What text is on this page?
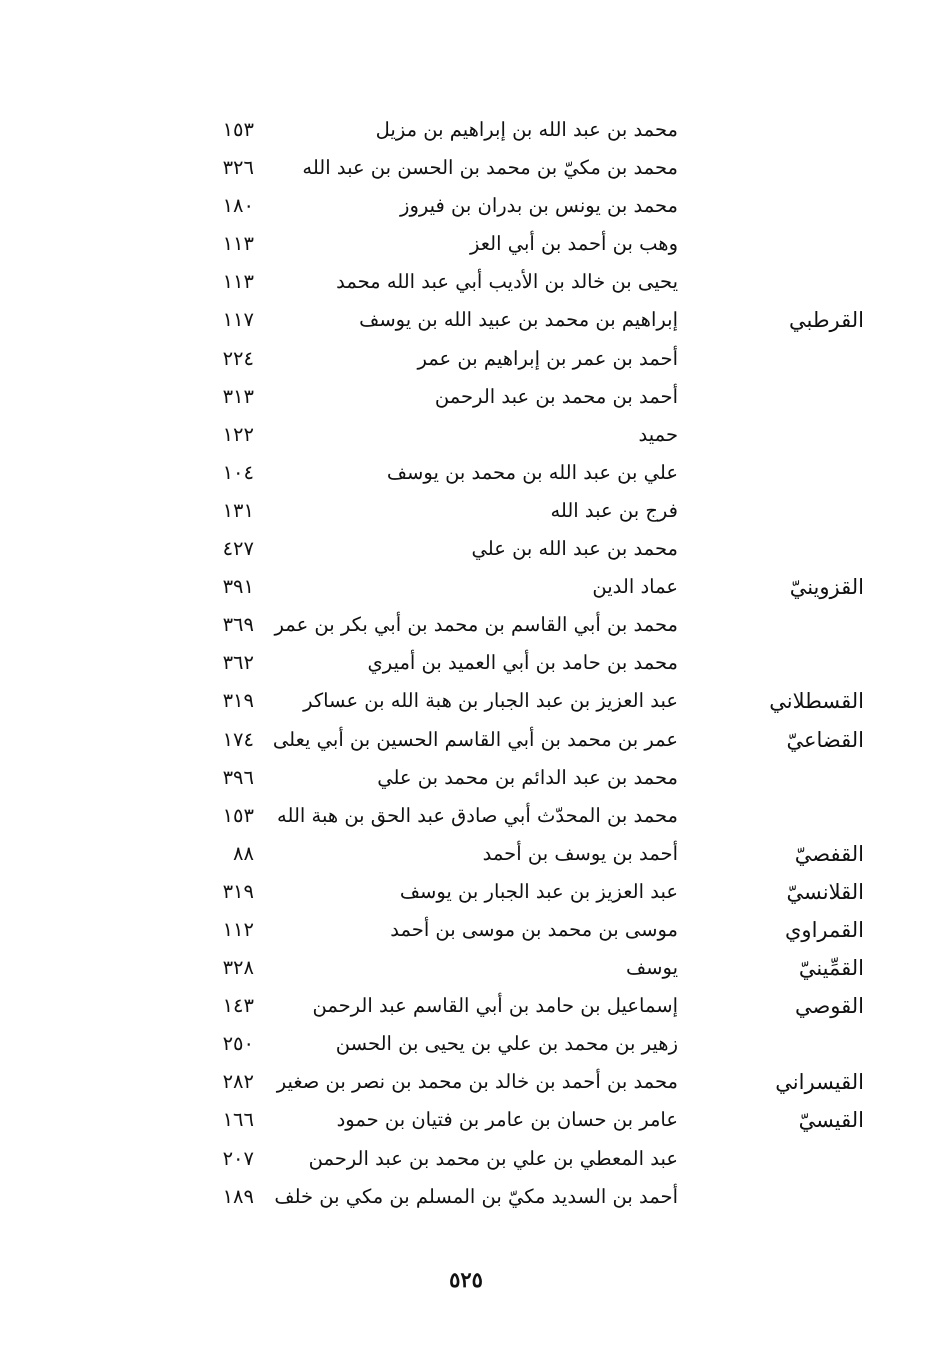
محمد بن عبد الله بن إبراهيم بن مزيل
١٥٣
محمد بن مكيّ بن محمد بن الحسن بن عبد الله
٣٢٦
محمد بن يونس بن بدران بن فيروز
١٨٠
وهب بن أحمد بن أبي العز
١١٣
يحيى بن خالد بن الأديب أبي عبد الله محمد
١١٣
القرطبي
إبراهيم بن محمد بن عبيد الله بن يوسف
١١٧
أحمد بن عمر بن إبراهيم بن عمر
٢٢٤
أحمد بن محمد بن عبد الرحمن
٣١٣
حميد
١٢٢
علي بن عبد الله بن محمد بن يوسف
١٠٤
فرج بن عبد الله
١٣١
محمد بن عبد الله بن علي
٤٢٧
القزوينيّ
عماد الدين
٣٩١
محمد بن أبي القاسم بن محمد بن أبي بكر بن عمر
٣٦٩
محمد بن حامد بن أبي العميد بن أميري
٣٦٢
القسطلاني
عبد العزيز بن عبد الجبار بن هبة الله بن عساكر
٣١٩
القضاعيّ
عمر بن محمد بن أبي القاسم الحسين بن أبي يعلى
١٧٤
محمد بن عبد الدائم بن محمد بن علي
٣٩٦
محمد بن المحدّث أبي صادق عبد الحق بن هبة الله
١٥٣
القفصيّ
أحمد بن يوسف بن أحمد
٨٨
القلانسيّ
عبد العزيز بن عبد الجبار بن يوسف
٣١٩
القمراوي
موسى بن محمد بن موسى بن أحمد
١١٢
القمِّينيّ
يوسف
٣٢٨
القوصي
إسماعيل بن حامد بن أبي القاسم عبد الرحمن
١٤٣
زهير بن محمد بن علي بن يحيى بن الحسن
٢٥٠
القيسراني
محمد بن أحمد بن خالد بن محمد بن نصر بن صغير
٢٨٢
القيسيّ
عامر بن حسان بن عامر بن فتيان بن حمود
١٦٦
عبد المعطي بن علي بن محمد بن عبد الرحمن
٢٠٧
أحمد بن السديد مكيّ بن المسلم بن مكي بن خلف
١٨٩
٥٢٥
